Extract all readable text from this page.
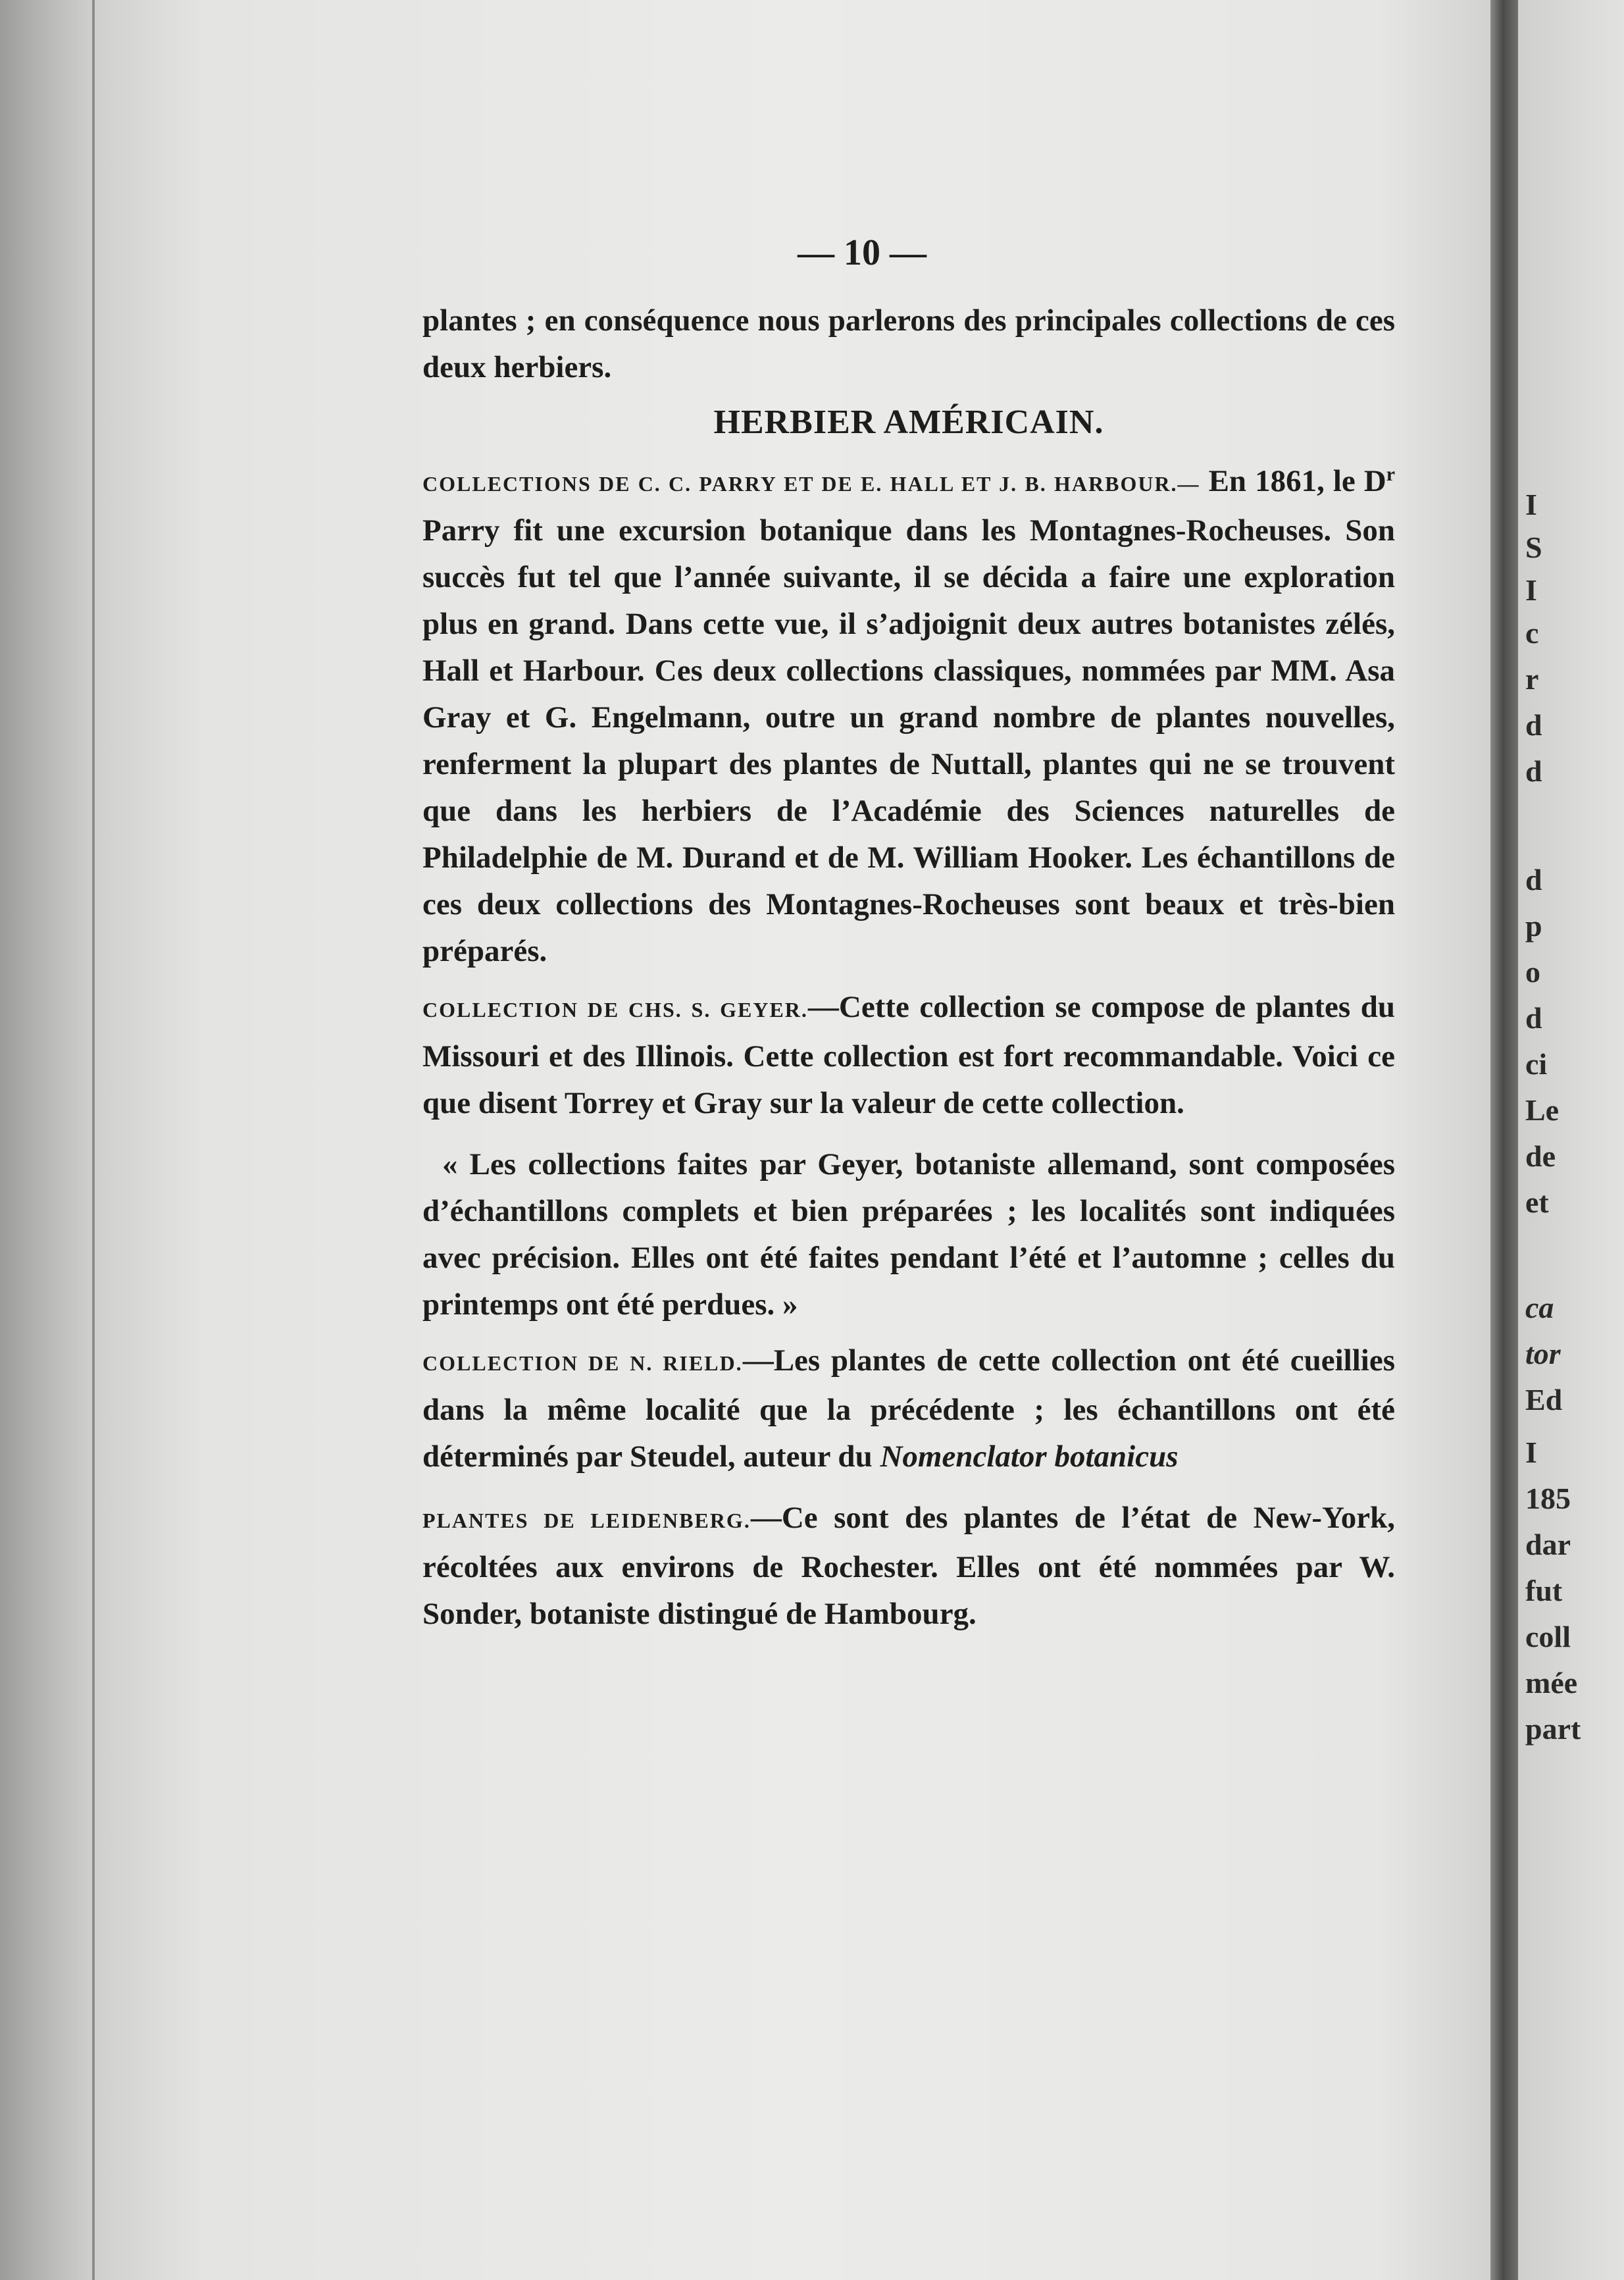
— 10 —

plantes ; en conséquence nous parlerons des principales collections de ces deux herbiers.

HERBIER AMÉRICAIN.

COLLECTIONS DE C. C. PARRY ET DE E. HALL ET J. B. HARBOUR.— En 1861, le $D^r$ Parry fit une excursion botanique dans les Montagnes-Rocheuses. Son succès fut tel que l’année suivante, il se décida a faire une exploration plus en grand. Dans cette vue, il s’adjoignit deux autres botanistes zélés, Hall et Harbour. Ces deux collections classiques, nommées par MM. Asa Gray et G. Engelmann, outre un grand nombre de plantes nouvelles, renferment la plupart des plantes de Nuttall, plantes qui ne se trouvent que dans les herbiers de l’Académie des Sciences naturelles de Philadelphie de M. Durand et de M. William Hooker. Les échantillons de ces deux collections des Montagnes-Rocheuses sont beaux et très-bien préparés.

COLLECTION DE CHS. S. GEYER.—Cette collection se compose de plantes du Missouri et des Illinois. Cette collection est fort recommandable. Voici ce que disent Torrey et Gray sur la valeur de cette collection.

« Les collections faites par Geyer, botaniste allemand, sont composées d’échantillons complets et bien préparées ; les localités sont indiquées avec précision. Elles ont été faites pendant l’été et l’automne ; celles du printemps ont été perdues. »

COLLECTION DE N. RIELD.—Les plantes de cette collection ont été cueillies dans la même localité que la précédente ; les échantillons ont été déterminés par Steudel, auteur du Nomenclator botanicus

PLANTES DE LEIDENBERG.—Ce sont des plantes de l’état de New-York, récoltées aux environs de Rochester. Elles ont été nommées par W. Sonder, botaniste distingué de Hambourg.

I
S
I
c
r
d
d
d
p
o
d
ci
Le
de
et
ca
tor
Ed
I
185
dar
fut
coll
mée
part
